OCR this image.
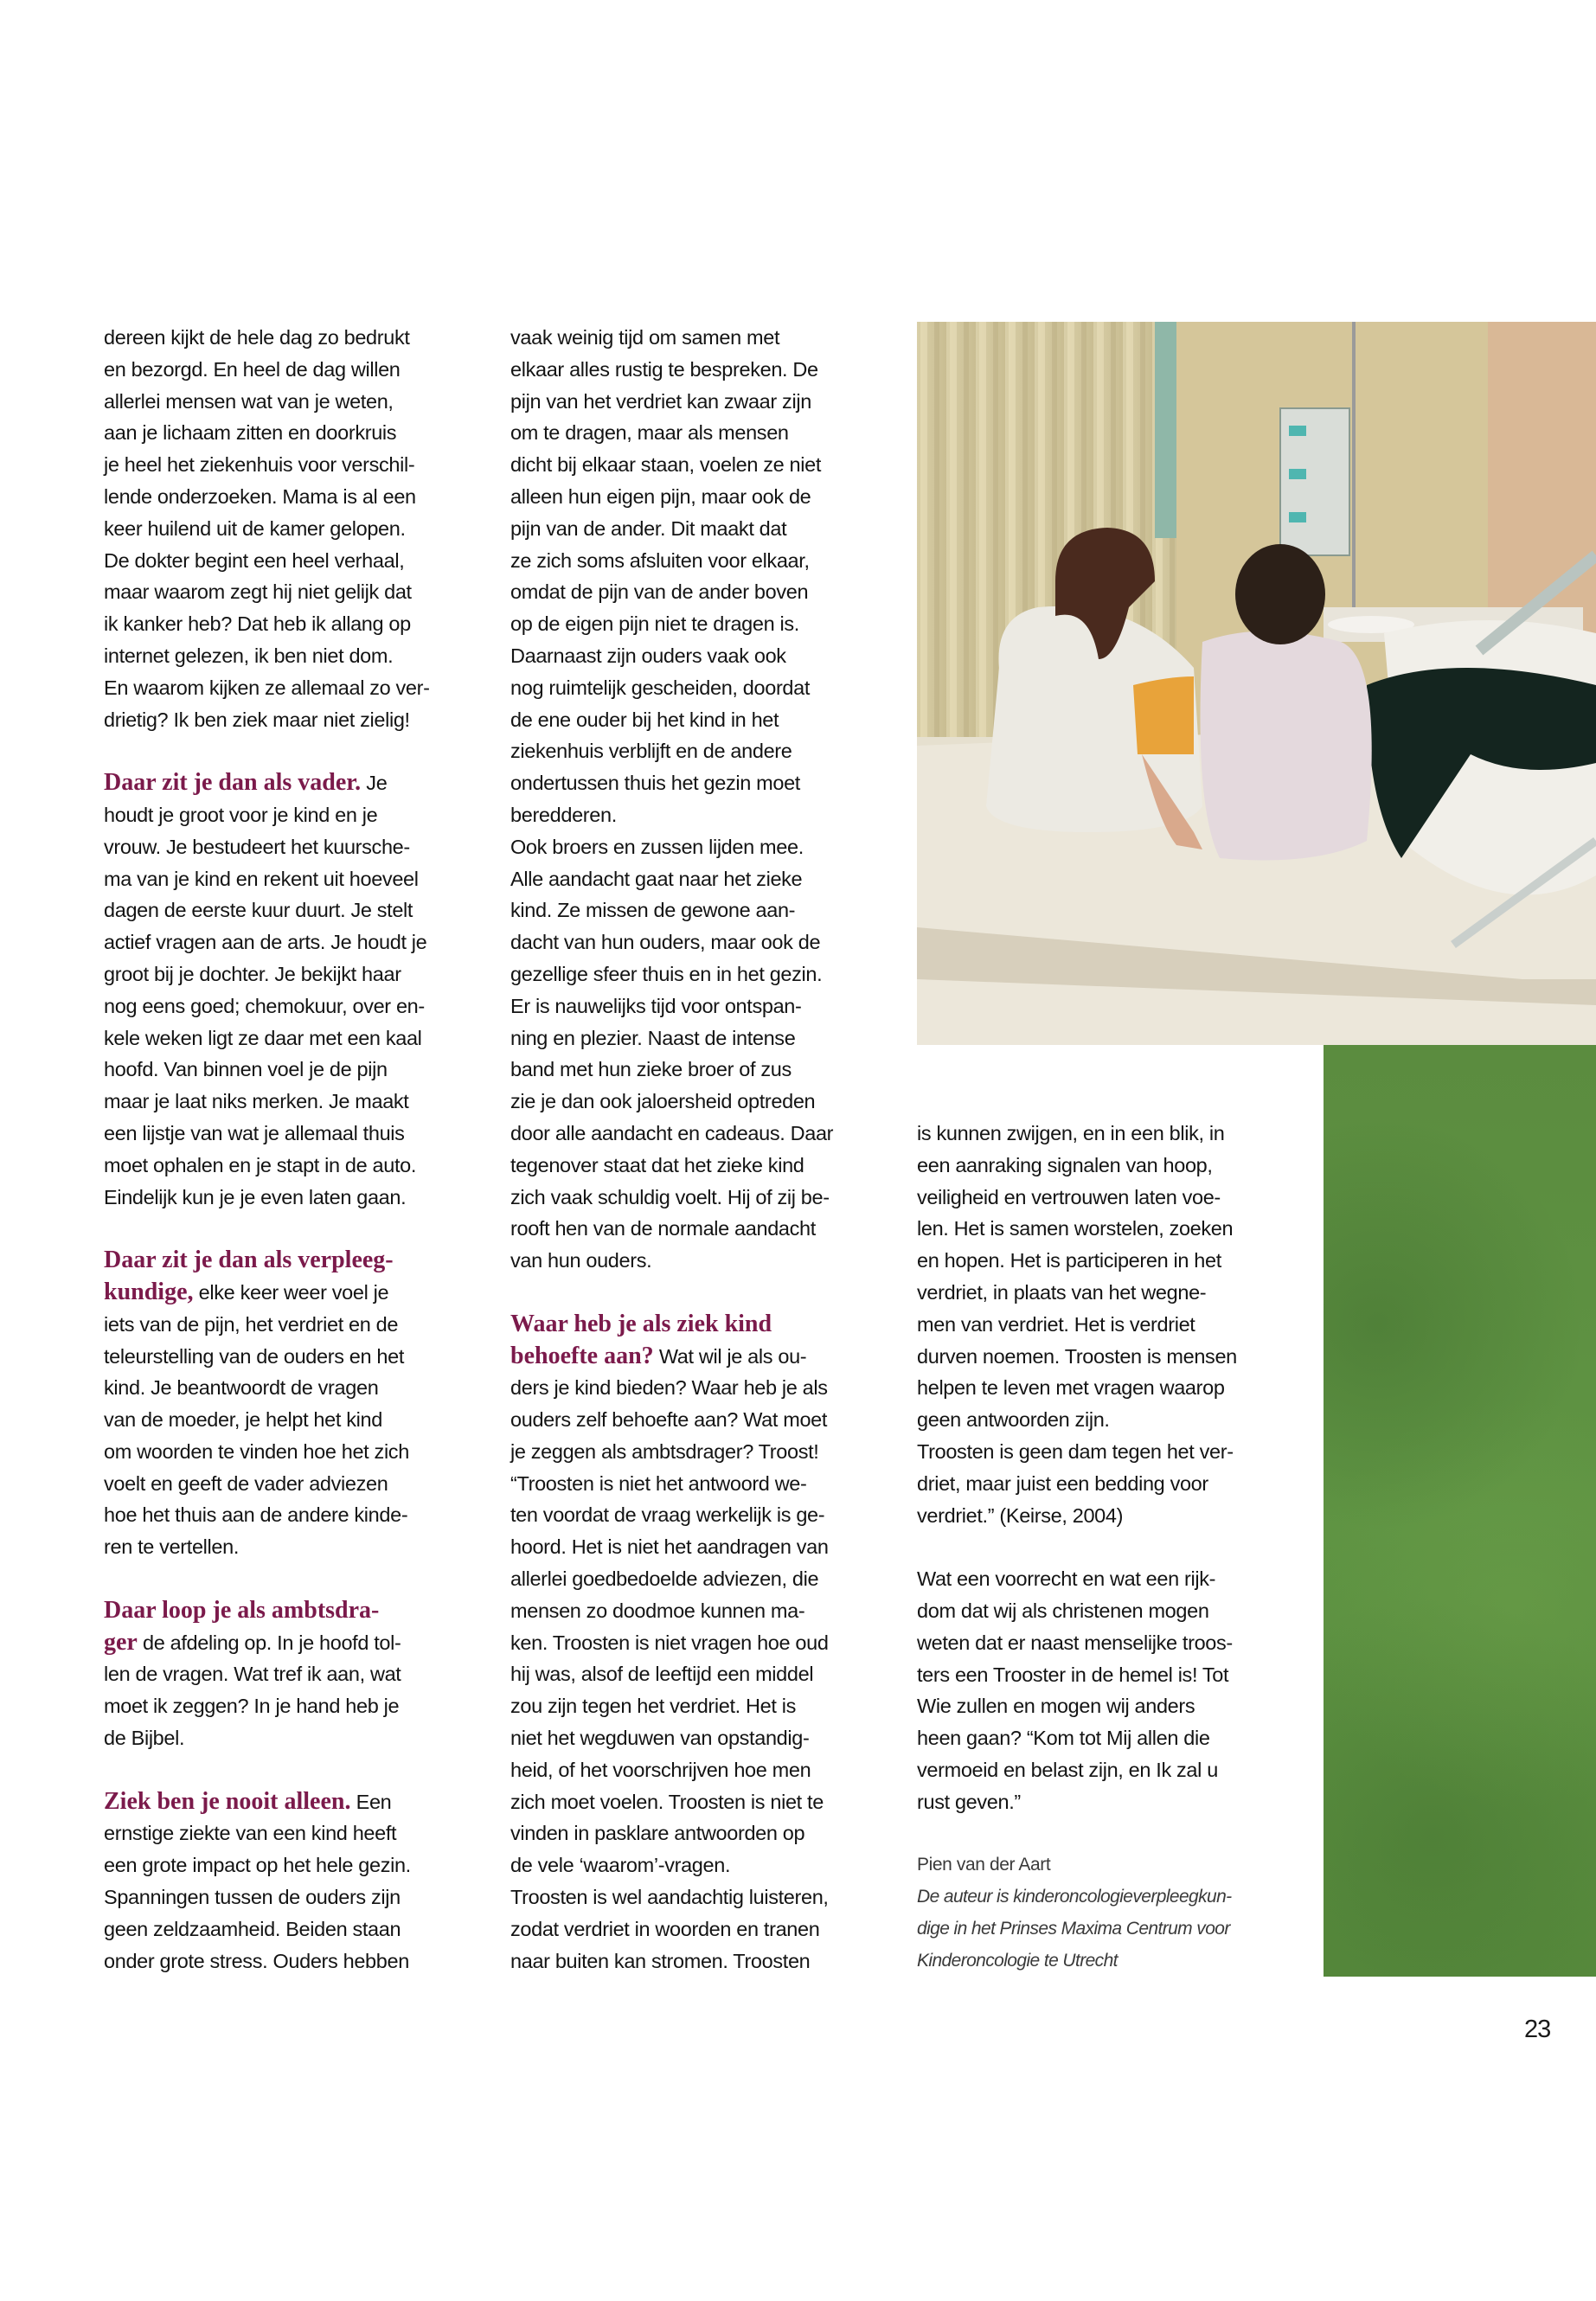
dereen kijkt de hele dag zo bedrukt
en bezorgd. En heel de dag willen
allerlei mensen wat van je weten,
aan je lichaam zitten en doorkruis
je heel het ziekenhuis voor verschil-
lende onderzoeken. Mama is al een
keer huilend uit de kamer gelopen.
De dokter begint een heel verhaal,
maar waarom zegt hij niet gelijk dat
ik kanker heb? Dat heb ik allang op
internet gelezen, ik ben niet dom.
En waarom kijken ze allemaal zo ver-
drietig? Ik ben ziek maar niet zielig!
Daar zit je dan als vader. Je
houdt je groot voor je kind en je
vrouw. Je bestudeert het kuursche-
ma van je kind en rekent uit hoeveel
dagen de eerste kuur duurt. Je stelt
actief vragen aan de arts. Je houdt je
groot bij je dochter. Je bekijkt haar
nog eens goed; chemokuur, over en-
kele weken ligt ze daar met een kaal
hoofd. Van binnen voel je de pijn
maar je laat niks merken. Je maakt
een lijstje van wat je allemaal thuis
moet ophalen en je stapt in de auto.
Eindelijk kun je je even laten gaan.
Daar zit je dan als verpleeg-
kundige, elke keer weer voel je
iets van de pijn, het verdriet en de
teleurstelling van de ouders en het
kind. Je beantwoordt de vragen
van de moeder, je helpt het kind
om woorden te vinden hoe het zich
voelt en geeft de vader adviezen
hoe het thuis aan de andere kinde-
ren te vertellen.
Daar loop je als ambtsdra-
ger de afdeling op. In je hoofd tol-
len de vragen. Wat tref ik aan, wat
moet ik zeggen? In je hand heb je
de Bijbel.
Ziek ben je nooit alleen. Een
ernstige ziekte van een kind heeft
een grote impact op het hele gezin.
Spanningen tussen de ouders zijn
geen zeldzaamheid. Beiden staan
onder grote stress. Ouders hebben
vaak weinig tijd om samen met
elkaar alles rustig te bespreken. De
pijn van het verdriet kan zwaar zijn
om te dragen, maar als mensen
dicht bij elkaar staan, voelen ze niet
alleen hun eigen pijn, maar ook de
pijn van de ander. Dit maakt dat
ze zich soms afsluiten voor elkaar,
omdat de pijn van de ander boven
op de eigen pijn niet te dragen is.
Daarnaast zijn ouders vaak ook
nog ruimtelijk gescheiden, doordat
de ene ouder bij het kind in het
ziekenhuis verblijft en de andere
ondertussen thuis het gezin moet
beredderen.
Ook broers en zussen lijden mee.
Alle aandacht gaat naar het zieke
kind. Ze missen de gewone aan-
dacht van hun ouders, maar ook de
gezellige sfeer thuis en in het gezin.
Er is nauwelijks tijd voor ontspan-
ning en plezier. Naast de intense
band met hun zieke broer of zus
zie je dan ook jaloersheid optreden
door alle aandacht en cadeaus. Daar
tegenover staat dat het zieke kind
zich vaak schuldig voelt. Hij of zij be-
rooft hen van de normale aandacht
van hun ouders.
Waar heb je als ziek kind
behoefte aan? Wat wil je als ou-
ders je kind bieden? Waar heb je als
ouders zelf behoefte aan? Wat moet
je zeggen als ambtsdrager? Troost!
“Troosten is niet het antwoord we-
ten voordat de vraag werkelijk is ge-
hoord. Het is niet het aandragen van
allerlei goedbedoelde adviezen, die
mensen zo doodmoe kunnen ma-
ken. Troosten is niet vragen hoe oud
hij was, alsof de leeftijd een middel
zou zijn tegen het verdriet. Het is
niet het wegduwen van opstandig-
heid, of het voorschrijven hoe men
zich moet voelen. Troosten is niet te
vinden in pasklare antwoorden op
de vele ‘waarom’-vragen.
Troosten is wel aandachtig luisteren,
zodat verdriet in woorden en tranen
naar buiten kan stromen. Troosten
is kunnen zwijgen, en in een blik, in
een aanraking signalen van hoop,
veiligheid en vertrouwen laten voe-
len. Het is samen worstelen, zoeken
en hopen. Het is participeren in het
verdriet, in plaats van het wegne-
men van verdriet. Het is verdriet
durven noemen. Troosten is mensen
helpen te leven met vragen waarop
geen antwoorden zijn.
Troosten is geen dam tegen het ver-
driet, maar juist een bedding voor
verdriet.” (Keirse, 2004)
Wat een voorrecht en wat een rijk-
dom dat wij als christenen mogen
weten dat er naast menselijke troos-
ters een Trooster in de hemel is! Tot
Wie zullen en mogen wij anders
heen gaan? “Kom tot Mij allen die
vermoeid en belast zijn, en Ik zal u
rust geven.”
Pien van der Aart
De auteur is kinderoncologieverpleegkun-
dige in het Prinses Maxima Centrum voor
Kinderoncologie te Utrecht
23
